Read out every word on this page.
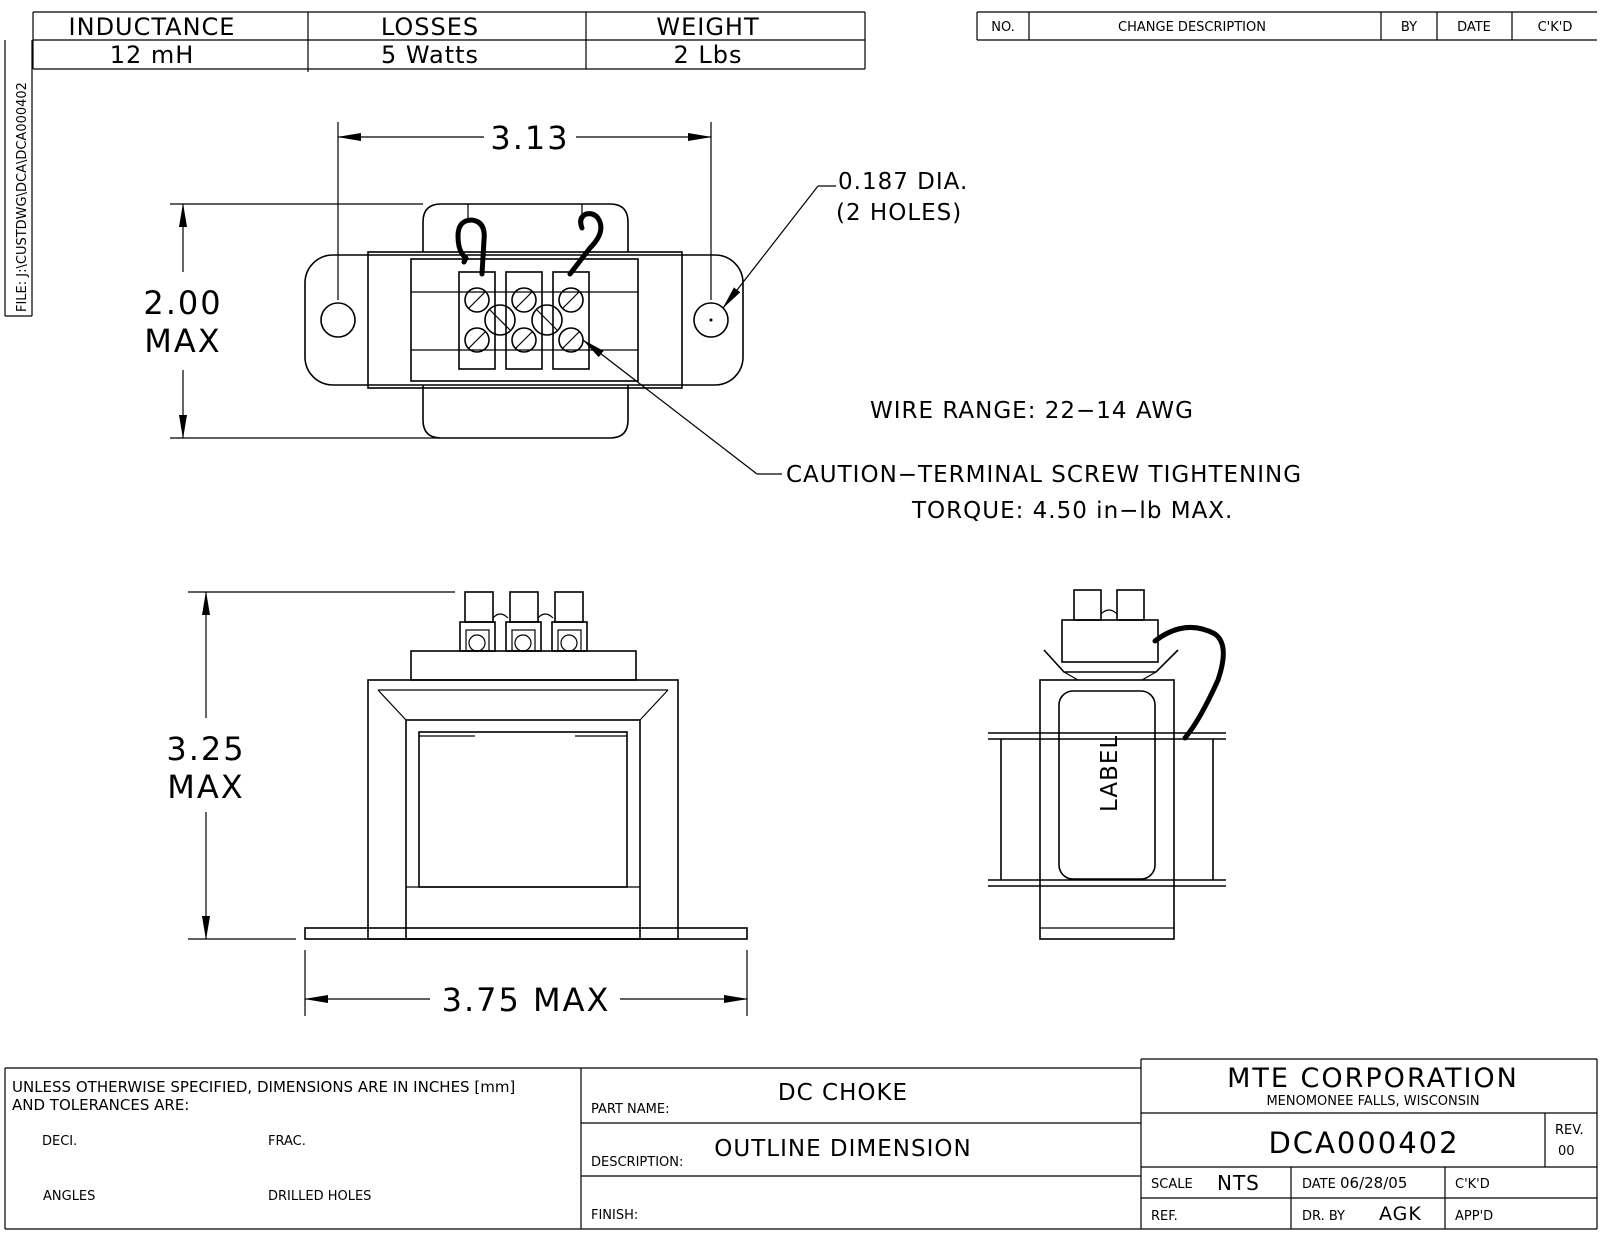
INDUCTANCE	LOSSES	WEIGHT
12 mH	5 Watts	2 Lbs
NO.	CHANGE DESCRIPTION	BY	DATE	C'K'D
FILE: J:\CUSTDWG\DCA\DCA000402	3.13
2.00
MAX
0.187 DIA.
(2 HOLES)
WIRE RANGE: 22−14 AWG
CAUTION−TERMINAL SCREW TIGHTENING
TORQUE: 4.50 in−lb MAX.
3.25
MAX
3.75 MAX
LABEL
UNLESS OTHERWISE SPECIFIED, DIMENSIONS ARE IN INCHES [mm]
AND TOLERANCES ARE:
DECI.	FRAC.
ANGLES	DRILLED HOLES
PART NAME:
DC CHOKE
DESCRIPTION:
OUTLINE DIMENSION
FINISH:
MTE CORPORATION
MENOMONEE FALLS, WISCONSIN
DCA000402	REV.
00
SCALE NTS	DATE 06/28/05	C'K'D
REF.	DR. BY AGK	APP'D
